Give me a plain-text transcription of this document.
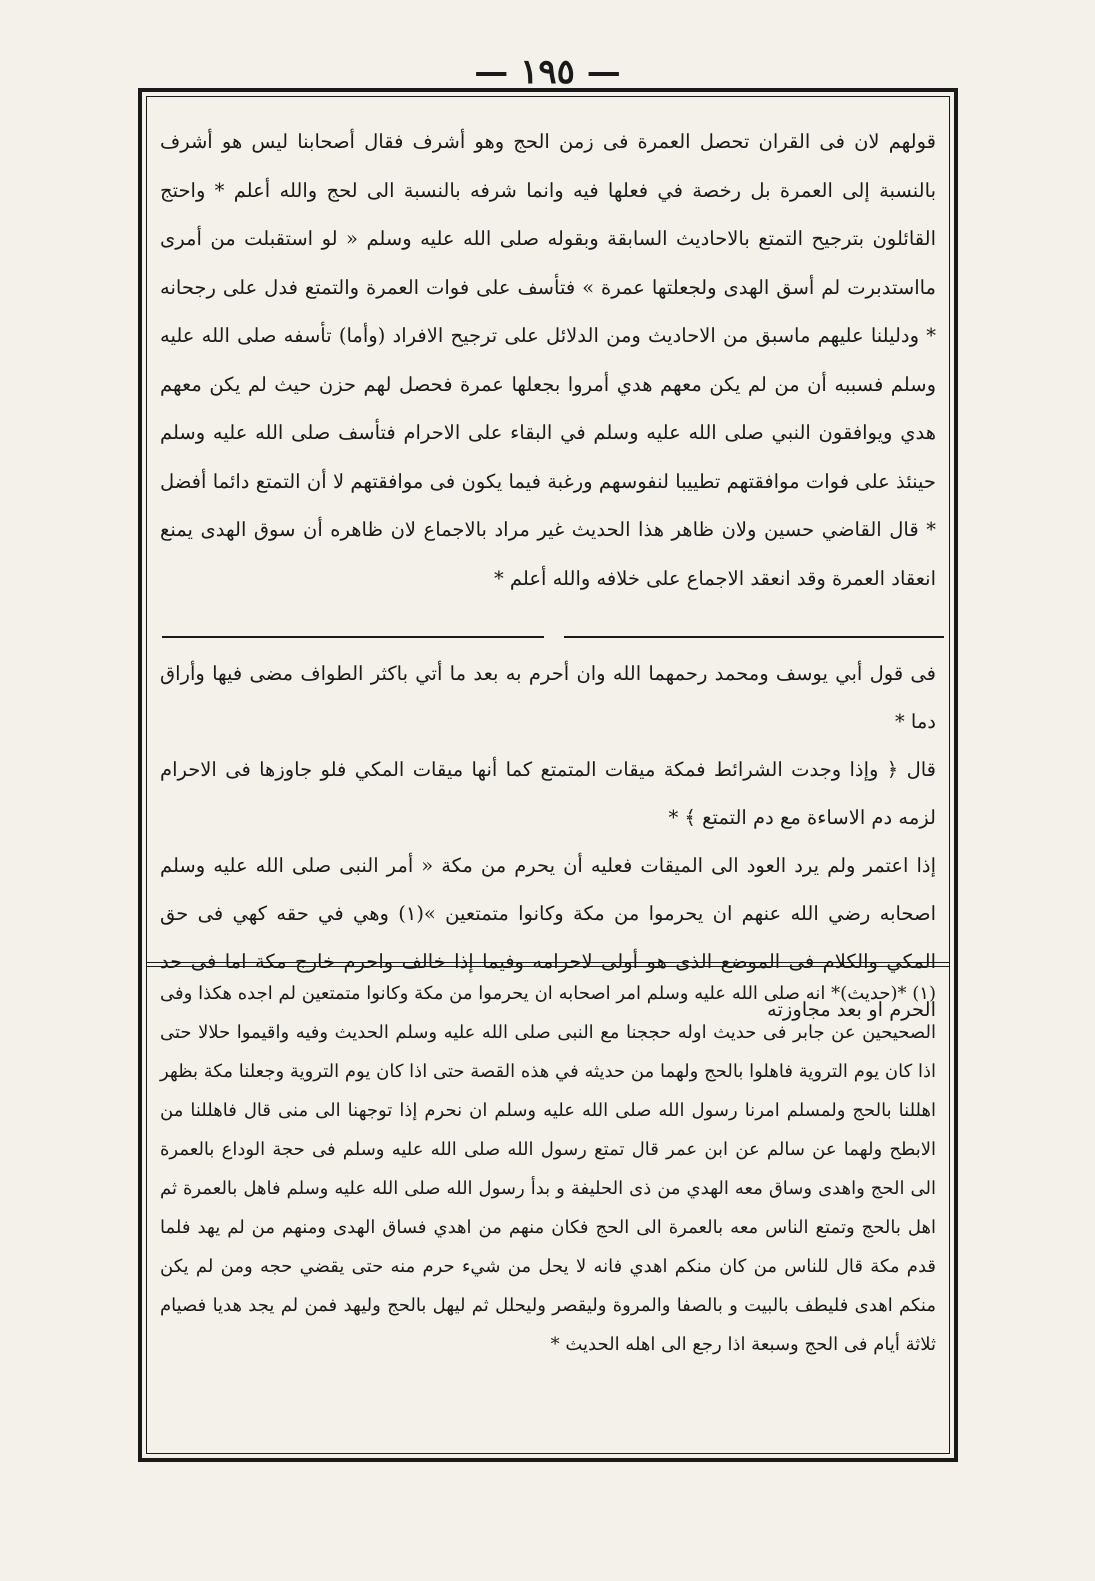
— ١٩٥ —

قولهم لان فى القران تحصل العمرة فى زمن الحج وهو أشرف فقال أصحابنا ليس هو أشرف بالنسبة إلى العمرة بل رخصة في فعلها فيه وانما شرفه بالنسبة الى لحج والله أعلم * واحتج القائلون بترجيح التمتع بالاحاديث السابقة وبقوله صلى الله عليه وسلم « لو استقبلت من أمرى مااستدبرت لم أسق الهدى ولجعلتها عمرة » فتأسف على فوات العمرة والتمتع فدل على رجحانه * ودليلنا عليهم ماسبق من الاحاديث ومن الدلائل على ترجيح الافراد (وأما) تأسفه صلى الله عليه وسلم فسببه أن من لم يكن معهم هدي أمروا بجعلها عمرة فحصل لهم حزن حيث لم يكن معهم هدي ويوافقون النبي صلى الله عليه وسلم في البقاء على الاحرام فتأسف صلى الله عليه وسلم حينئذ على فوات موافقتهم تطييبا لنفوسهم ورغبة فيما يكون فى موافقتهم لا أن التمتع دائما أفضل * قال القاضي حسين ولان ظاهر هذا الحديث غير مراد بالاجماع لان ظاهره أن سوق الهدى يمنع انعقاد العمرة وقد انعقد الاجماع على خلافه والله أعلم *

فى قول أبي يوسف ومحمد رحمهما الله وان أحرم به بعد ما أتي باكثر الطواف مضى فيها وأراق دما *

قال ﴿ وإذا وجدت الشرائط فمكة ميقات المتمتع كما أنها ميقات المكي فلو جاوزها فى الاحرام لزمه دم الاساءة مع دم التمتع ﴾ *

إذا اعتمر ولم يرد العود الى الميقات فعليه أن يحرم من مكة « أمر النبى صلى الله عليه وسلم اصحابه رضي الله عنهم ان يحرموا من مكة وكانوا متمتعين »(١) وهي في حقه كهي فى حق المكي والكلام فى الموضع الذى هو أولى لاحرامه وفيما إذا خالف واحرم خارج مكة اما فى حد الحرم او بعد مجاوزته

(١) *(حديث)* انه صلى الله عليه وسلم امر اصحابه ان يحرموا من مكة وكانوا متمتعين لم اجده هكذا وفى الصحيحين عن جابر فى حديث اوله حججنا مع النبى صلى الله عليه وسلم الحديث وفيه واقيموا حلالا حتى اذا كان يوم التروية فاهلوا بالحج ولهما من حديثه في هذه القصة حتى اذا كان يوم التروية وجعلنا مكة بظهر اهللنا بالحج ولمسلم امرنا رسول الله صلى الله عليه وسلم ان نحرم إذا توجهنا الى منى قال فاهللنا من الابطح ولهما عن سالم عن ابن عمر قال تمتع رسول الله صلى الله عليه وسلم فى حجة الوداع بالعمرة الى الحج واهدى وساق معه الهدي من ذى الحليفة و بدأ رسول الله صلى الله عليه وسلم فاهل بالعمرة ثم اهل بالحج وتمتع الناس معه بالعمرة الى الحج فكان منهم من اهدي فساق الهدى ومنهم من لم يهد فلما قدم مكة قال للناس من كان منكم اهدي فانه لا يحل من شيء حرم منه حتى يقضي حجه ومن لم يكن منكم اهدى فليطف بالبيت و بالصفا والمروة وليقصر وليحلل ثم ليهل بالحج وليهد فمن لم يجد هديا فصيام ثلاثة أيام فى الحج وسبعة اذا رجع الى اهله الحديث *
